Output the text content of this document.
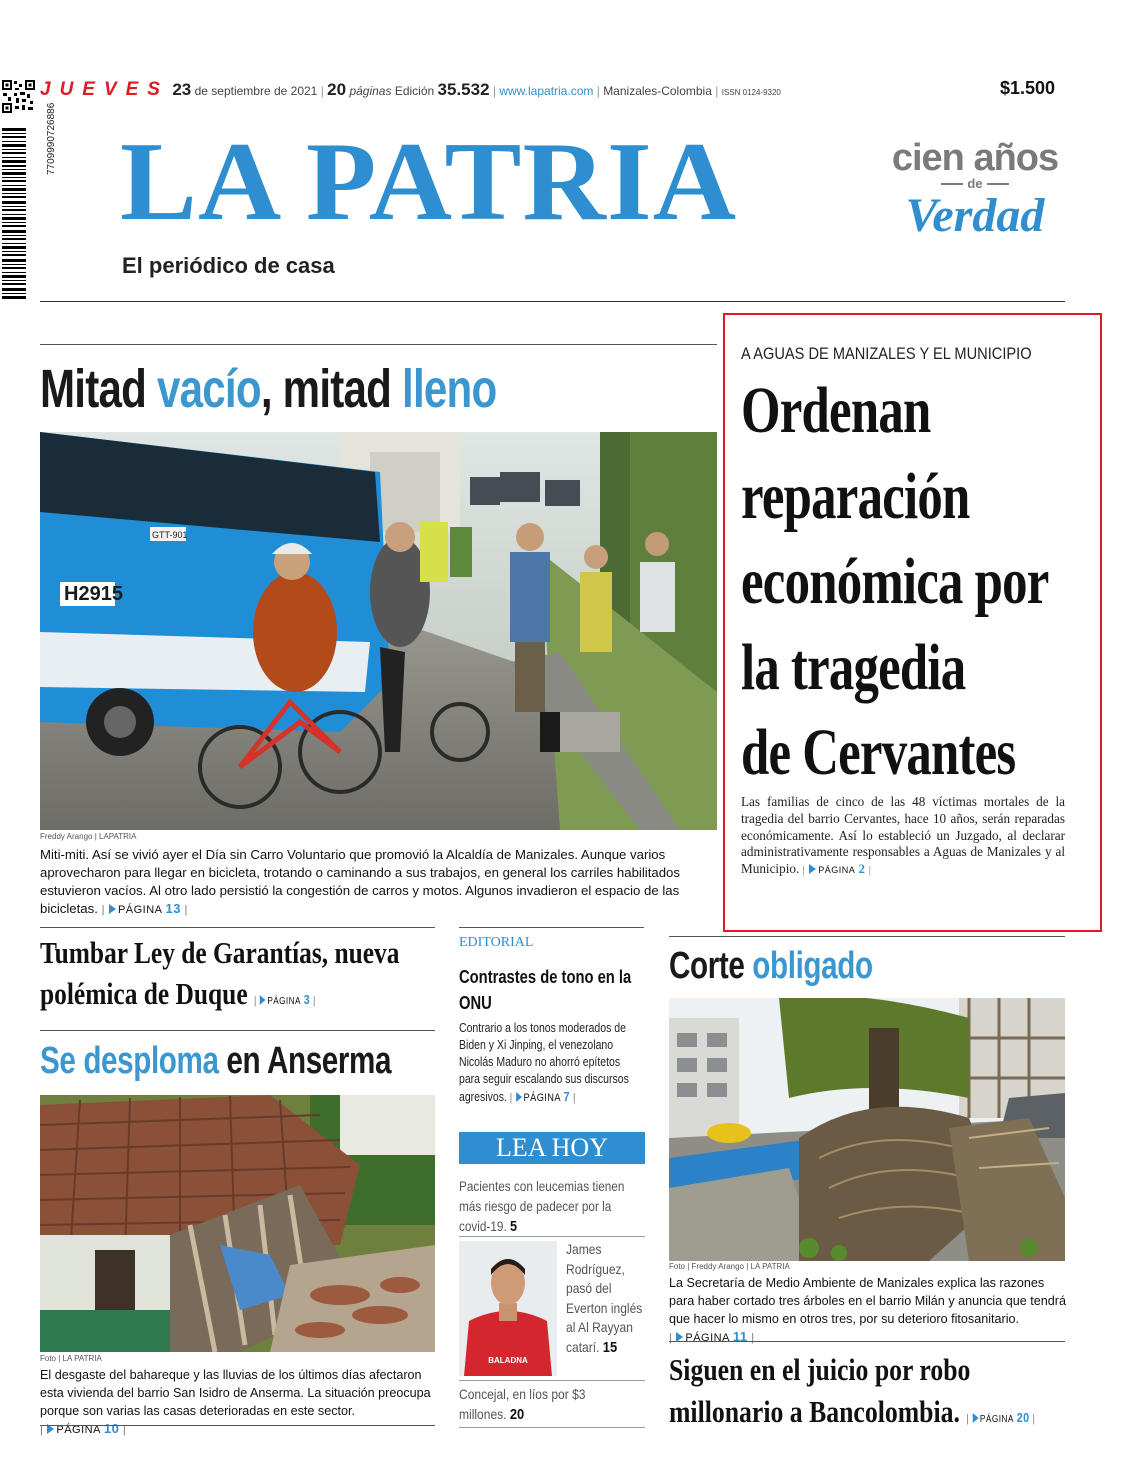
JUEVES 23 de septiembre de 2021 | 20 páginas Edición 35.532 | www.lapatria.com | Manizales-Colombia | ISSN 0124-9320	$1.500
7709990726886 LA PATRIA
El periódico de casa
cien años
de
Verdad
Mitad vacío, mitad lleno
H2915
GTT-901
Freddy Arango | LAPATRIA
Miti-miti. Así se vivió ayer el Día sin Carro Voluntario que promovió la Alcaldía de Manizales. Aunque varios aprovecharon para llegar en bicicleta, trotando o caminando a sus trabajos, en general los carriles habilitados estuvieron vacíos. Al otro lado persistió la congestión de carros y motos. Algunos invadieron el espacio de las bicicletas. | PÁGINA 13 |
A AGUAS DE MANIZALES Y EL MUNICIPIO
Ordenan
reparación
económica por
la tragedia
de Cervantes
Las familias de cinco de las 48 víctimas mortales de la tragedia del barrio Cervantes, hace 10 años, serán reparadas económicamente. Así lo estableció un Juzgado, al declarar administrativamente responsables a Aguas de Manizales y al Municipio. | PÁGINA 2 |
Tumbar Ley de Garantías, nueva polémica de Duque | PÁGINA 3 |
Se desploma en Anserma
Foto | LA PATRIA
El desgaste del bahareque y las lluvias de los últimos días afectaron esta vivienda del barrio San Isidro de Anserma. La situación preocupa porque son varias las casas deterioradas en este sector. | PÁGINA 10 |
EDITORIAL
Contrastes de tono en la ONU
Contrario a los tonos moderados de Biden y Xi Jinping, el venezolano Nicolás Maduro no ahorró epítetos para seguir escalando sus discursos agresivos. | PÁGINA 7 |
LEA HOY
Pacientes con leucemias tienen más riesgo de padecer por la covid-19. 5
BALADNA
James Rodríguez, pasó del Everton inglés al Al Rayyan catarí. 15
Concejal, en líos por $3 millones. 20
Corte obligado
Foto | Freddy Arango | LA PATRIA
La Secretaría de Medio Ambiente de Manizales explica las razones para haber cortado tres árboles en el barrio Milán y anuncia que tendrá que hacer lo mismo en otros tres, por su deterioro fitosanitario. | PÁGINA 11 |
Siguen en el juicio por robo millonario a Bancolombia. | PÁGINA 20 |
